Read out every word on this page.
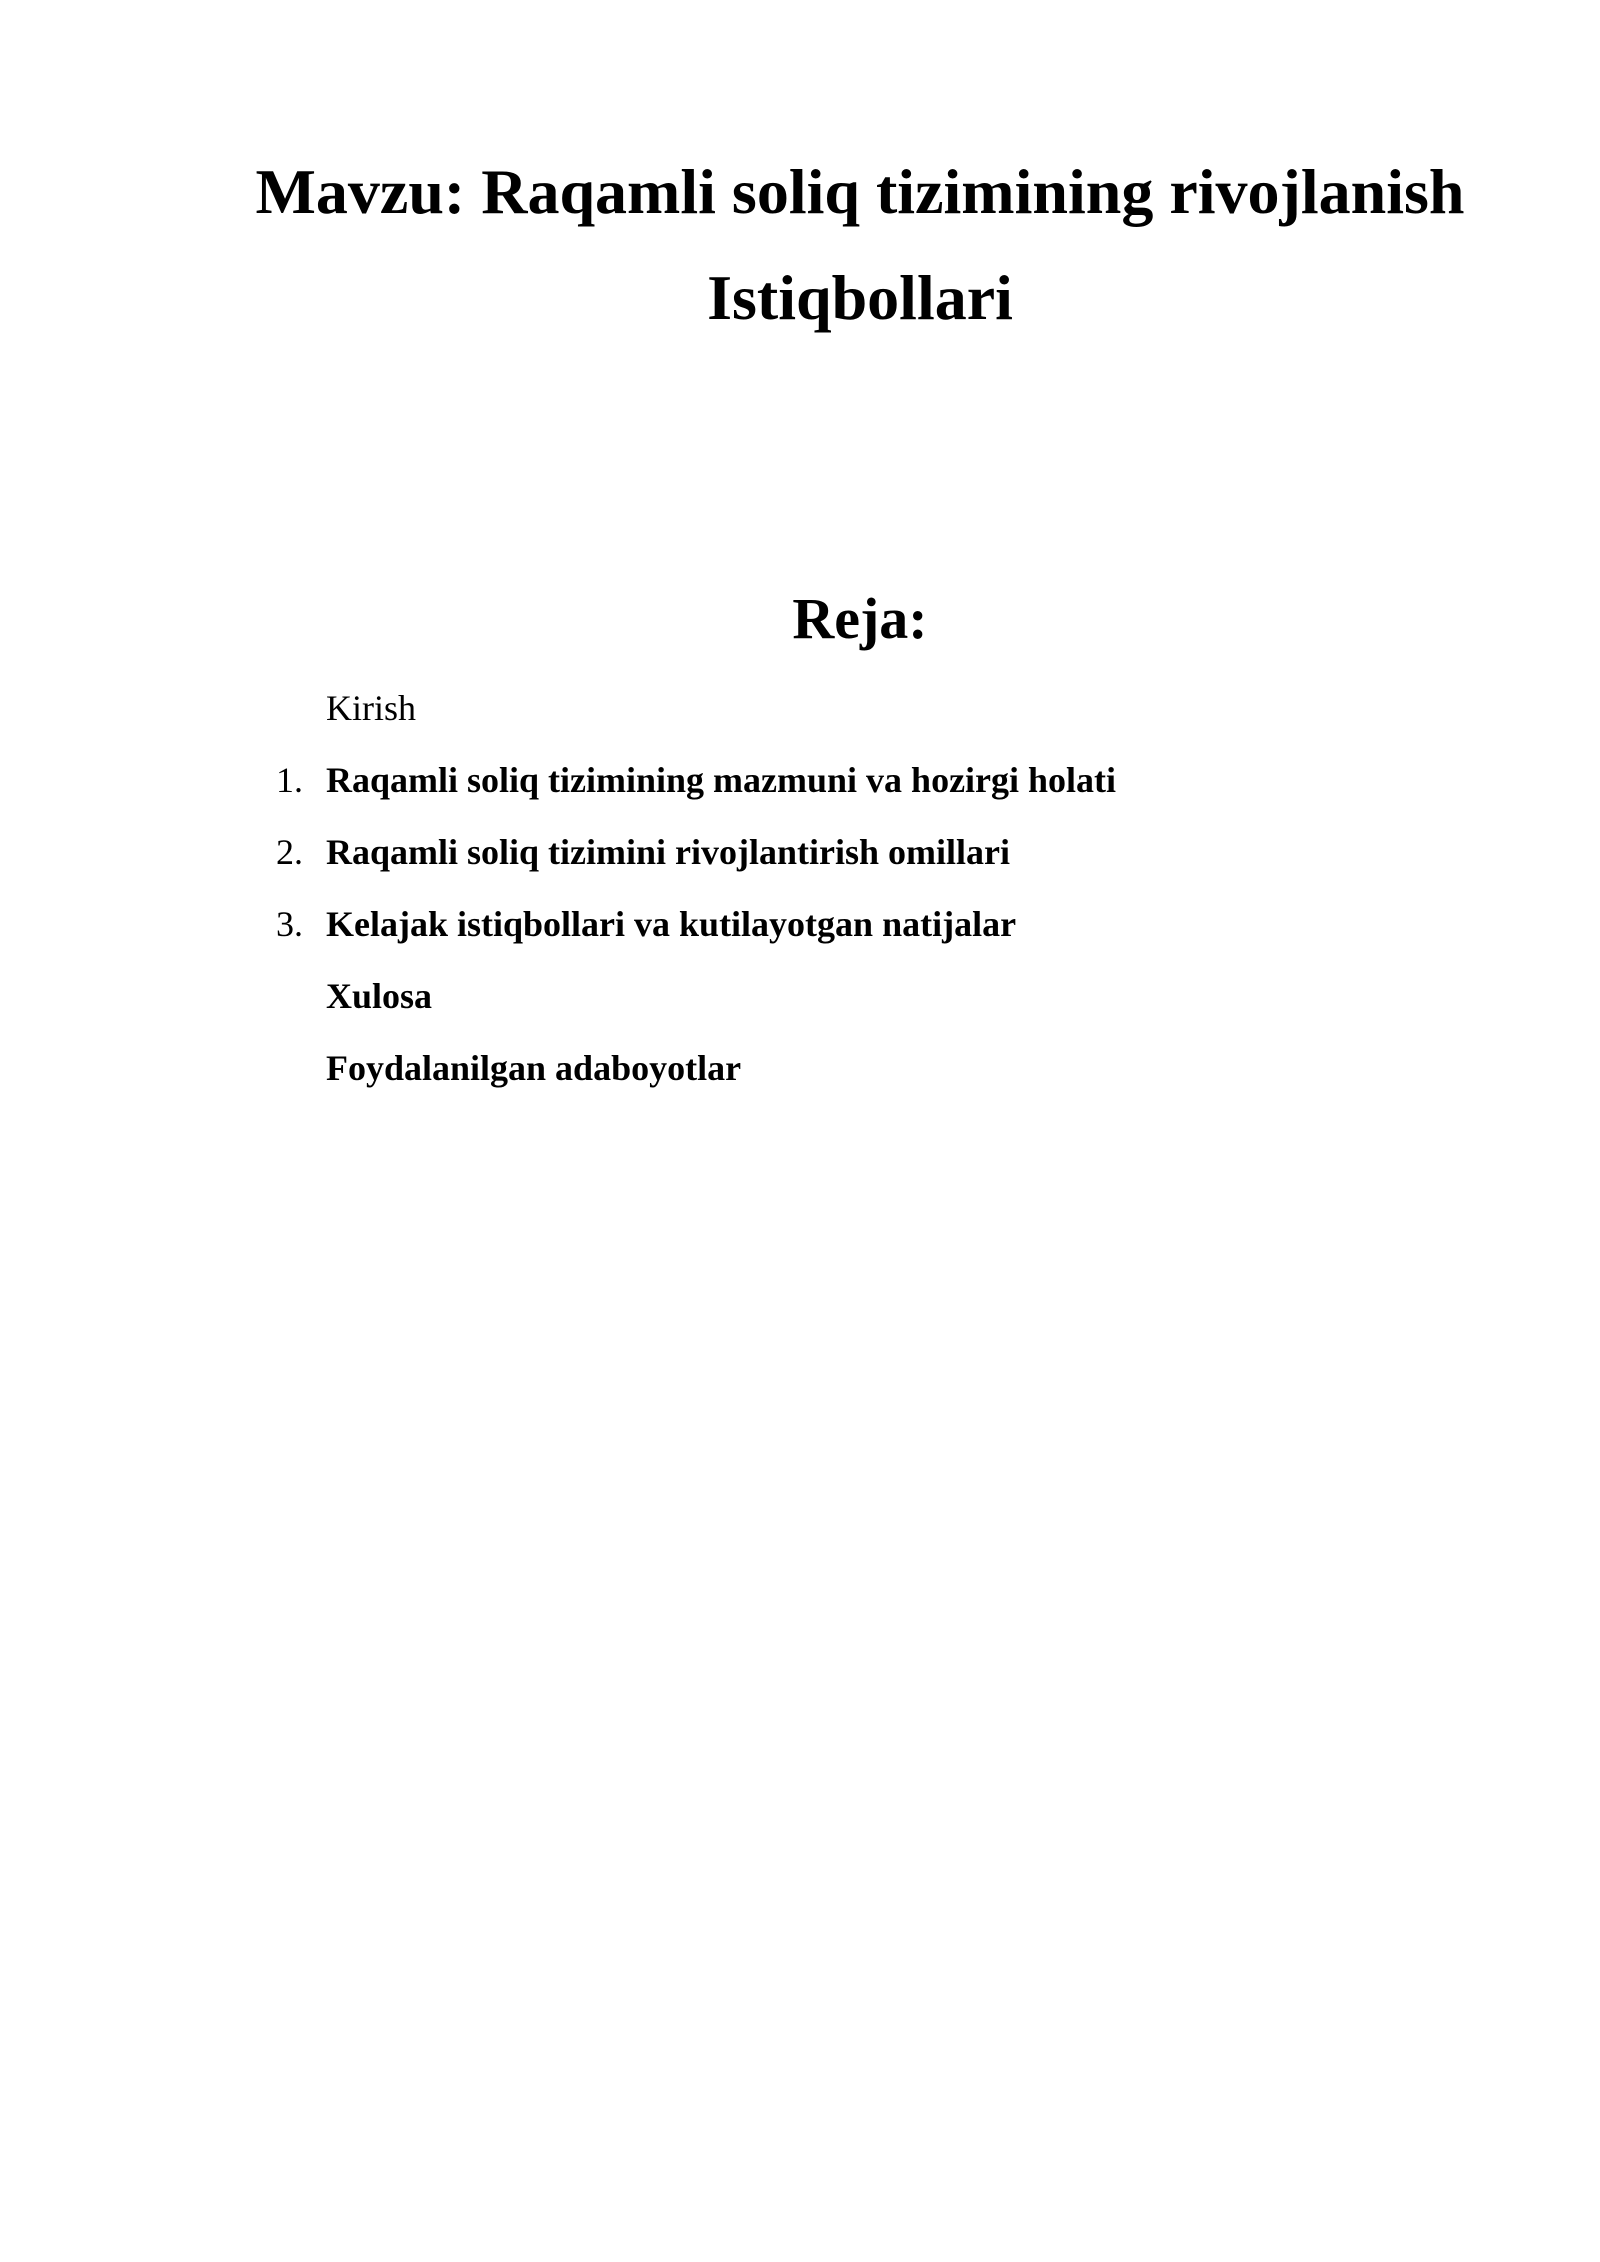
Mavzu: Raqamli soliq tizimining rivojlanish
Istiqbollari
Reja:
Kirish
1. Raqamli soliq tizimining mazmuni va hozirgi holati
2. Raqamli soliq tizimini rivojlantirish omillari
3. Kelajak istiqbollari va kutilayotgan natijalar
Xulosa
Foydalanilgan adaboyotlar
